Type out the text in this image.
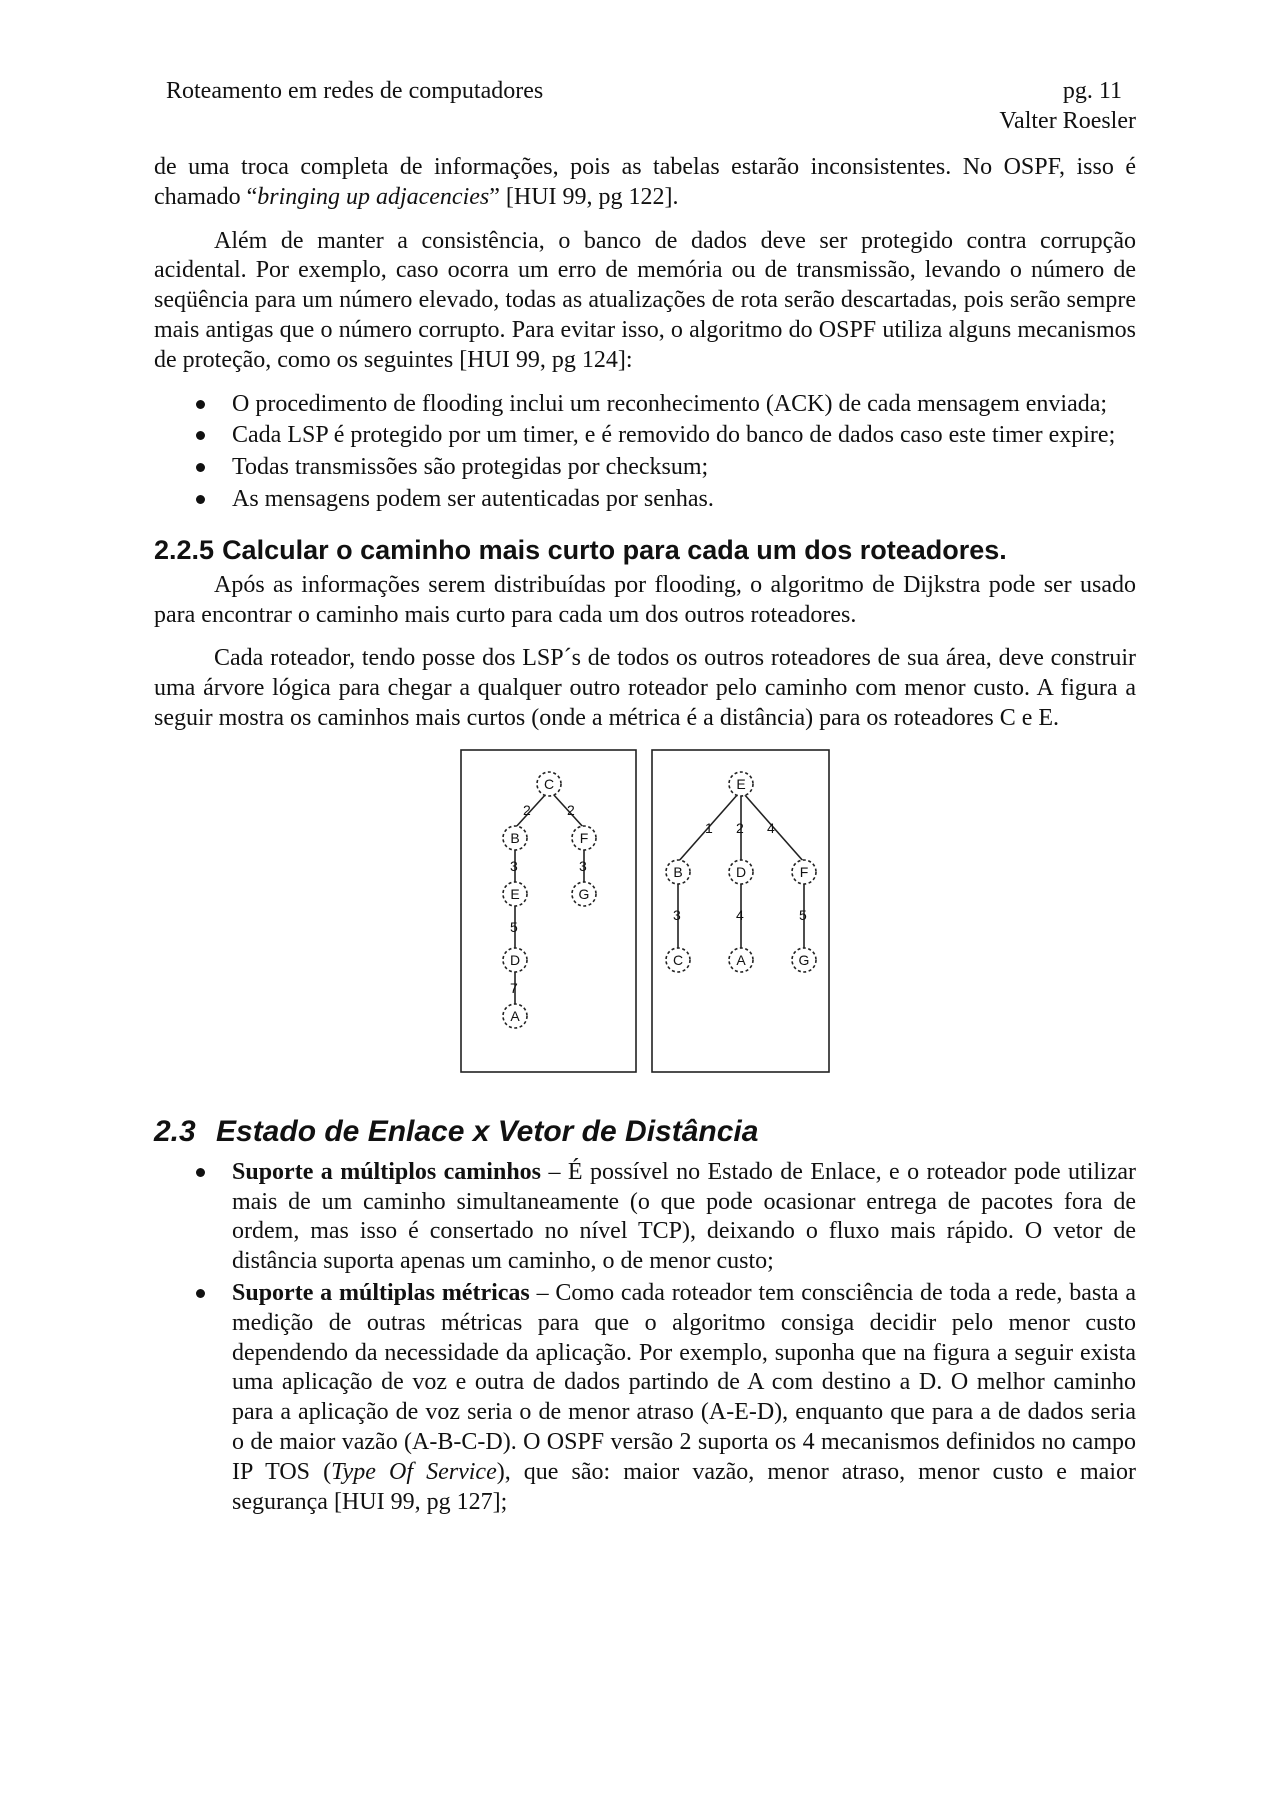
Roteamento em redes de computadores	pg. 11
Valter Roesler

de uma troca completa de informações, pois as tabelas estarão inconsistentes. No OSPF, isso é chamado “bringing up adjacencies” [HUI 99, pg 122].

Além de manter a consistência, o banco de dados deve ser protegido contra corrupção acidental. Por exemplo, caso ocorra um erro de memória ou de transmissão, levando o número de seqüência para um número elevado, todas as atualizações de rota serão descartadas, pois serão sempre mais antigas que o número corrupto. Para evitar isso, o algoritmo do OSPF utiliza alguns mecanismos de proteção, como os seguintes [HUI 99, pg 124]:

O procedimento de flooding inclui um reconhecimento (ACK) de cada mensagem enviada;
Cada LSP é protegido por um timer, e é removido do banco de dados caso este timer expire;
Todas transmissões são protegidas por checksum;
As mensagens podem ser autenticadas por senhas.
2.2.5 Calcular o caminho mais curto para cada um dos roteadores.

Após as informações serem distribuídas por flooding, o algoritmo de Dijkstra pode ser usado para encontrar o caminho mais curto para cada um dos outros roteadores.

Cada roteador, tendo posse dos LSP´s de todos os outros roteadores de sua área, deve construir uma árvore lógica para chegar a qualquer outro roteador pelo caminho com menor custo. A figura a seguir mostra os caminhos mais curtos (onde a métrica é a distância) para os roteadores C e E.

2	2
3	3
5
7
C
B	F
E	G
D
A
1 2 4
3	4	5
E
B	D	F
C	A	G
2.3 Estado de Enlace x Vetor de Distância
Suporte a múltiplos caminhos – É possível no Estado de Enlace, e o roteador pode utilizar mais de um caminho simultaneamente (o que pode ocasionar entrega de pacotes fora de ordem, mas isso é consertado no nível TCP), deixando o fluxo mais rápido. O vetor de distância suporta apenas um caminho, o de menor custo;
Suporte a múltiplas métricas – Como cada roteador tem consciência de toda a rede, basta a medição de outras métricas para que o algoritmo consiga decidir pelo menor custo dependendo da necessidade da aplicação. Por exemplo, suponha que na figura a seguir exista uma aplicação de voz e outra de dados partindo de A com destino a D. O melhor caminho para a aplicação de voz seria o de menor atraso (A-E-D), enquanto que para a de dados seria o de maior vazão (A-B-C-D). O OSPF versão 2 suporta os 4 mecanismos definidos no campo IP TOS (Type Of Service), que são: maior vazão, menor atraso, menor custo e maior segurança [HUI 99, pg 127];
